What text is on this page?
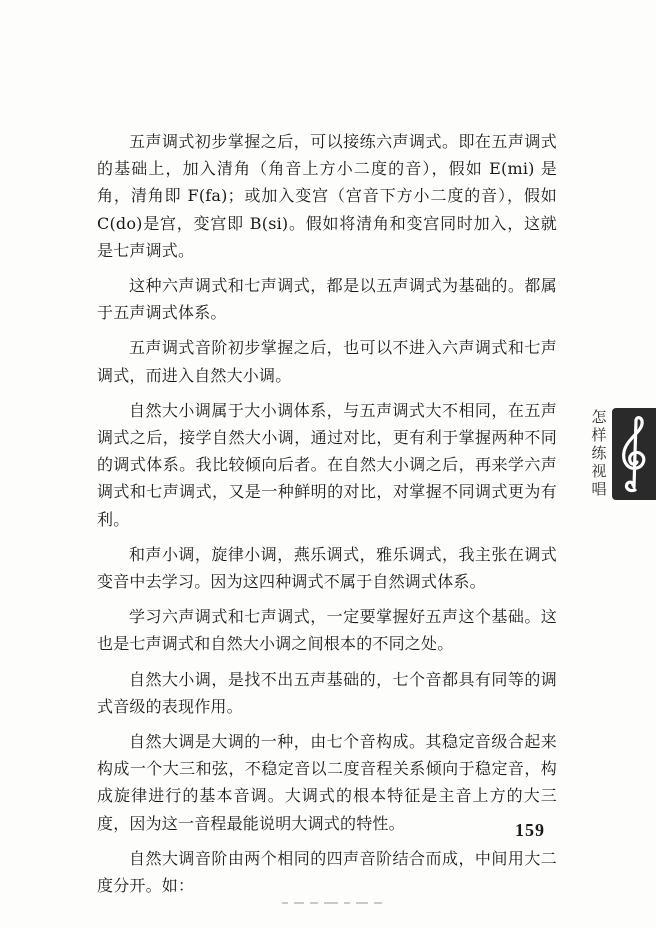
五声调式初步掌握之后，可以接练六声调式。即在五声调式的基础上，加入清角（角音上方小二度的音），假如 E(mi) 是角，清角即 F(fa)；或加入变宫（宫音下方小二度的音），假如 C(do)是宫，变宫即 B(si)。假如将清角和变宫同时加入，这就是七声调式。

这种六声调式和七声调式，都是以五声调式为基础的。都属于五声调式体系。

五声调式音阶初步掌握之后，也可以不进入六声调式和七声调式，而进入自然大小调。

自然大小调属于大小调体系，与五声调式大不相同，在五声调式之后，接学自然大小调，通过对比，更有利于掌握两种不同的调式体系。我比较倾向后者。在自然大小调之后，再来学六声调式和七声调式，又是一种鲜明的对比，对掌握不同调式更为有利。

和声小调，旋律小调，燕乐调式，雅乐调式，我主张在调式变音中去学习。因为这四种调式不属于自然调式体系。

学习六声调式和七声调式，一定要掌握好五声这个基础。这也是七声调式和自然大小调之间根本的不同之处。

自然大小调，是找不出五声基础的，七个音都具有同等的调式音级的表现作用。

自然大调是大调的一种，由七个音构成。其稳定音级合起来构成一个大三和弦，不稳定音以二度音程关系倾向于稳定音，构成旋律进行的基本音调。大调式的根本特征是主音上方的大三度，因为这一音程最能说明大调式的特性。

自然大调音阶由两个相同的四声音阶结合而成，中间用大二度分开。如：

怎
样
练
视
唱
159
